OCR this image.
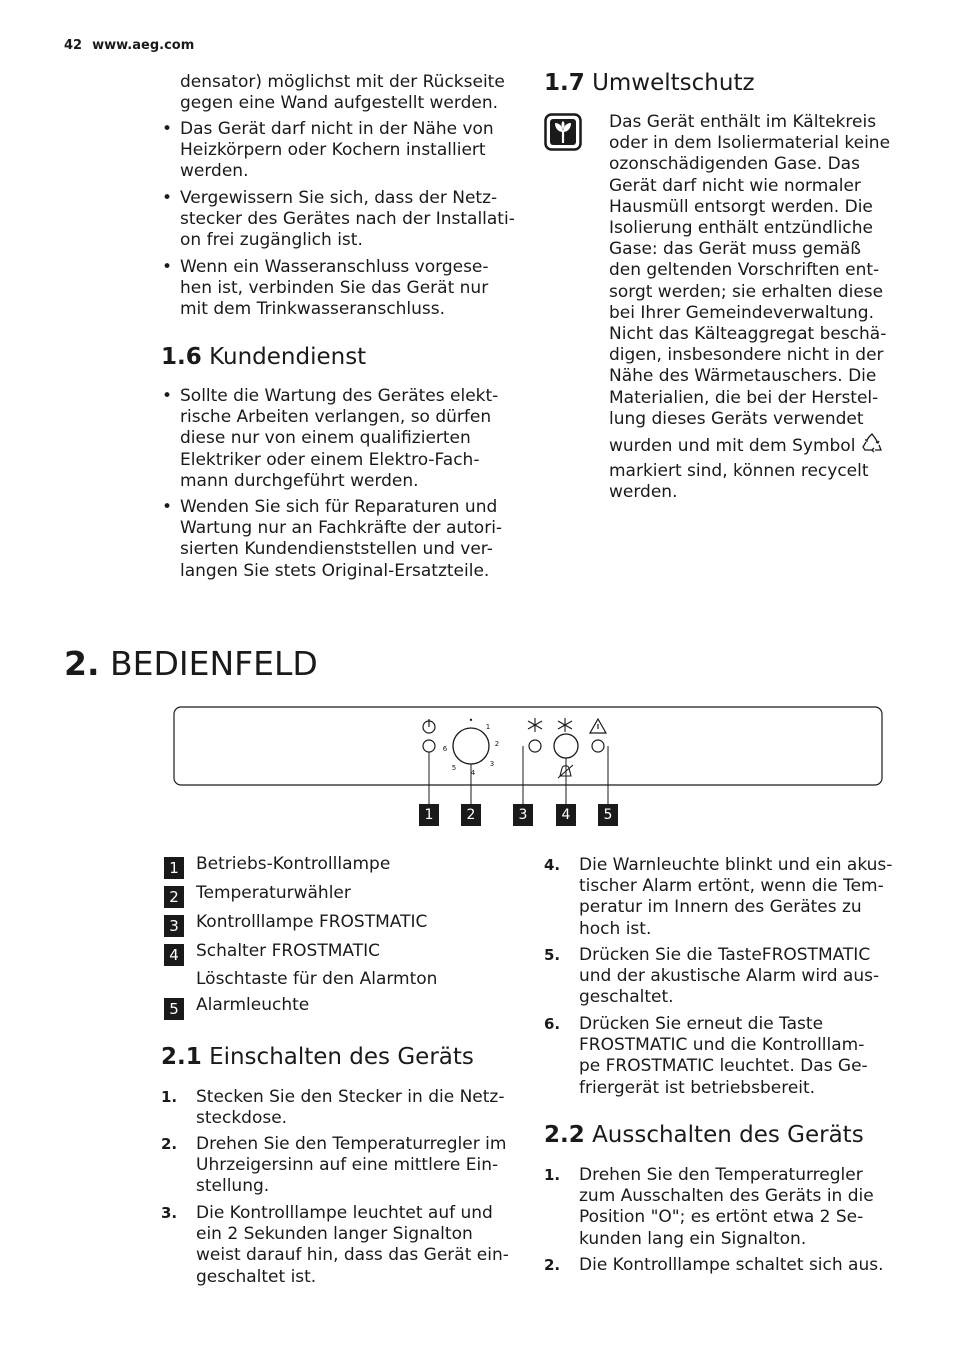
42 www.aeg.com
densator) möglichst mit der Rückseite
gegen eine Wand aufgestellt werden.
• Das Gerät darf nicht in der Nähe von
Heizkörpern oder Kochern installiert
werden.
• Vergewissern Sie sich, dass der Netz-
stecker des Gerätes nach der Installati-
on frei zugänglich ist.
• Wenn ein Wasseranschluss vorgese-
hen ist, verbinden Sie das Gerät nur
mit dem Trinkwasseranschluss.
1.6 Kundendienst
• Sollte die Wartung des Gerätes elekt-
rische Arbeiten verlangen, so dürfen
diese nur von einem qualifizierten
Elektriker oder einem Elektro-Fach-
mann durchgeführt werden.
• Wenden Sie sich für Reparaturen und
Wartung nur an Fachkräfte der autori-
sierten Kundendienststellen und ver-
langen Sie stets Original-Ersatzteile.
1.7 Umweltschutz
Das Gerät enthält im Kältekreis
oder in dem Isoliermaterial keine
ozonschädigenden Gase. Das
Gerät darf nicht wie normaler
Hausmüll entsorgt werden. Die
Isolierung enthält entzündliche
Gase: das Gerät muss gemäß
den geltenden Vorschriften ent-
sorgt werden; sie erhalten diese
bei Ihrer Gemeindeverwaltung.
Nicht das Kälteaggregat beschä-
digen, insbesondere nicht in der
Nähe des Wärmetauschers. Die
Materialien, die bei der Herstel-
lung dieses Geräts verwendet
wurden und mit dem Symbol
markiert sind, können recycelt
werden.
2. BEDIENFELD
•
1
2
3
4
5
6
1	2	3	4	5
1	Betriebs-Kontrolllampe
2	Temperaturwähler
3	Kontrolllampe FROSTMATIC
4	Schalter FROSTMATIC
Löschtaste für den Alarmton
5	Alarmleuchte
2.1 Einschalten des Geräts
1. Stecken Sie den Stecker in die Netz-
steckdose.
2. Drehen Sie den Temperaturregler im
Uhrzeigersinn auf eine mittlere Ein-
stellung.
3. Die Kontrolllampe leuchtet auf und
ein 2 Sekunden langer Signalton
weist darauf hin, dass das Gerät ein-
geschaltet ist.
4. Die Warnleuchte blinkt und ein akus-
tischer Alarm ertönt, wenn die Tem-
peratur im Innern des Gerätes zu
hoch ist.
5. Drücken Sie die TasteFROSTMATIC
und der akustische Alarm wird aus-
geschaltet.
6. Drücken Sie erneut die Taste
FROSTMATIC und die Kontrolllam-
pe FROSTMATIC leuchtet. Das Ge-
friergerät ist betriebsbereit.
2.2 Ausschalten des Geräts
1. Drehen Sie den Temperaturregler
zum Ausschalten des Geräts in die
Position "O"; es ertönt etwa 2 Se-
kunden lang ein Signalton.
2. Die Kontrolllampe schaltet sich aus.
